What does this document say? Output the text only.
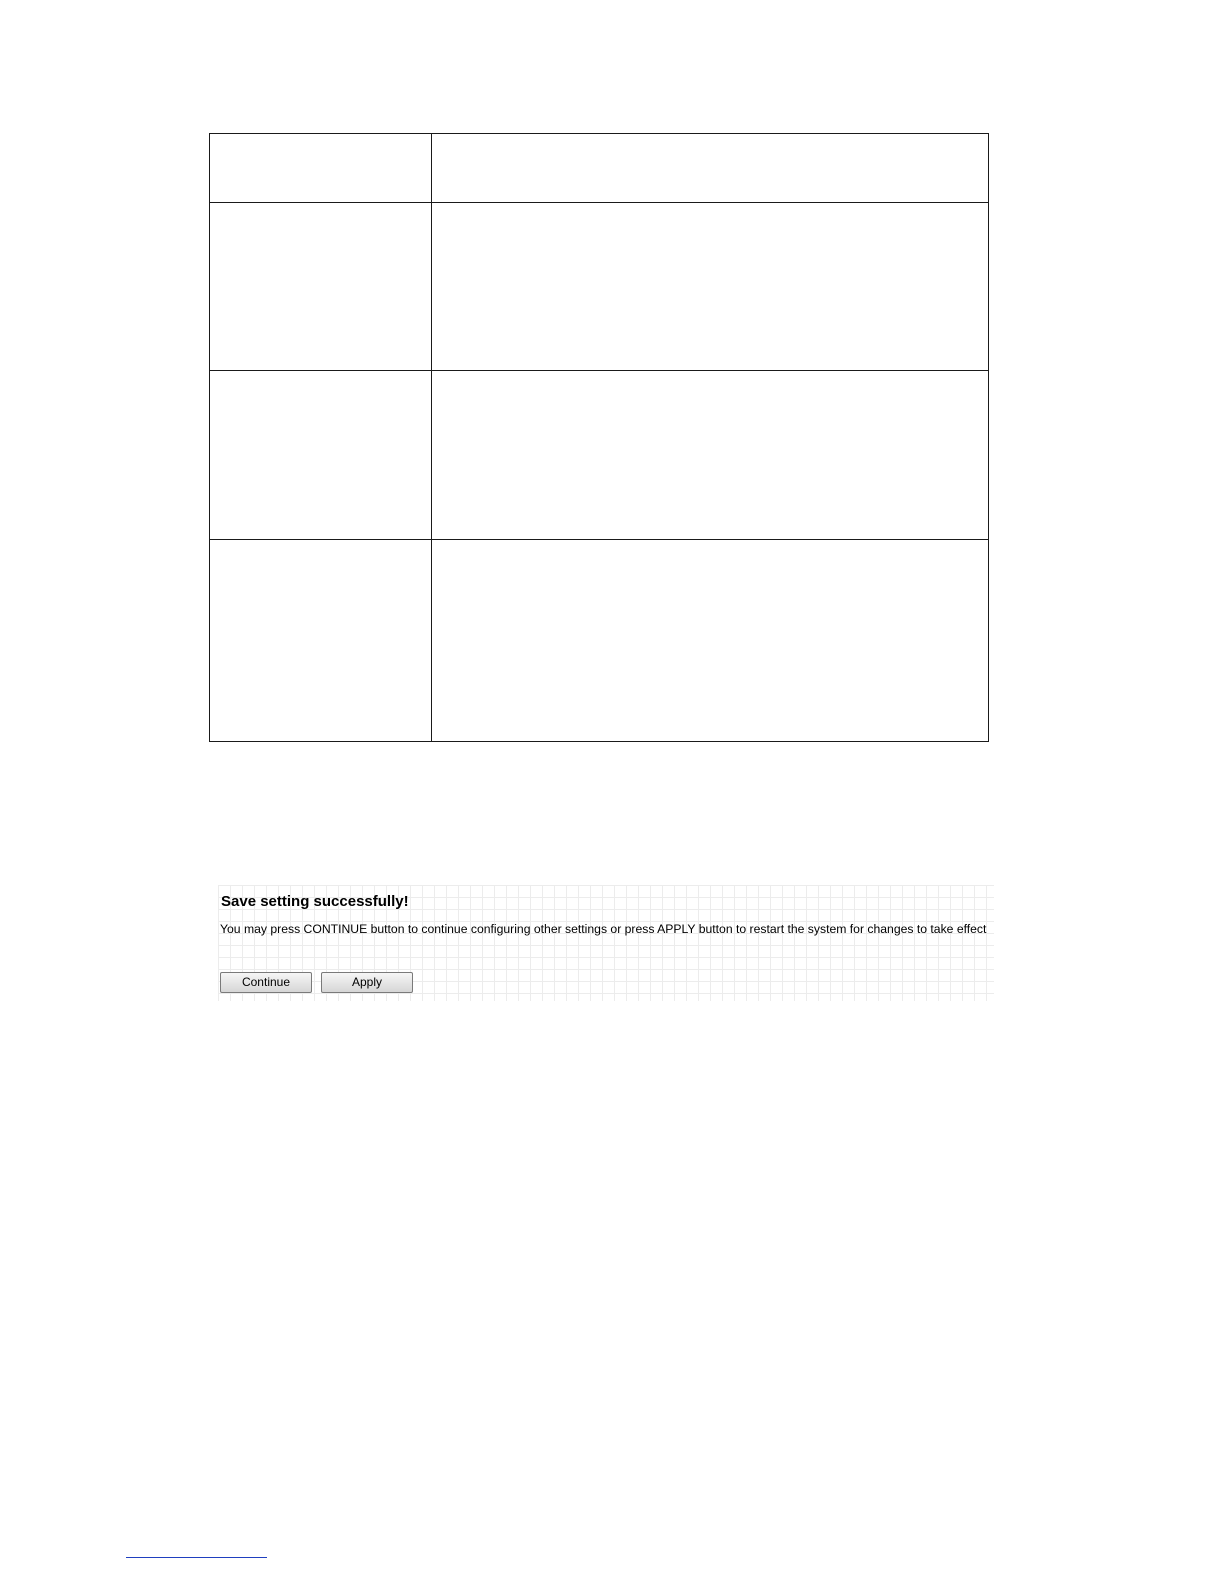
Save setting successfully!
You may press CONTINUE button to continue configuring other settings or press APPLY button to restart the system for changes to take effect
Continue	Apply
